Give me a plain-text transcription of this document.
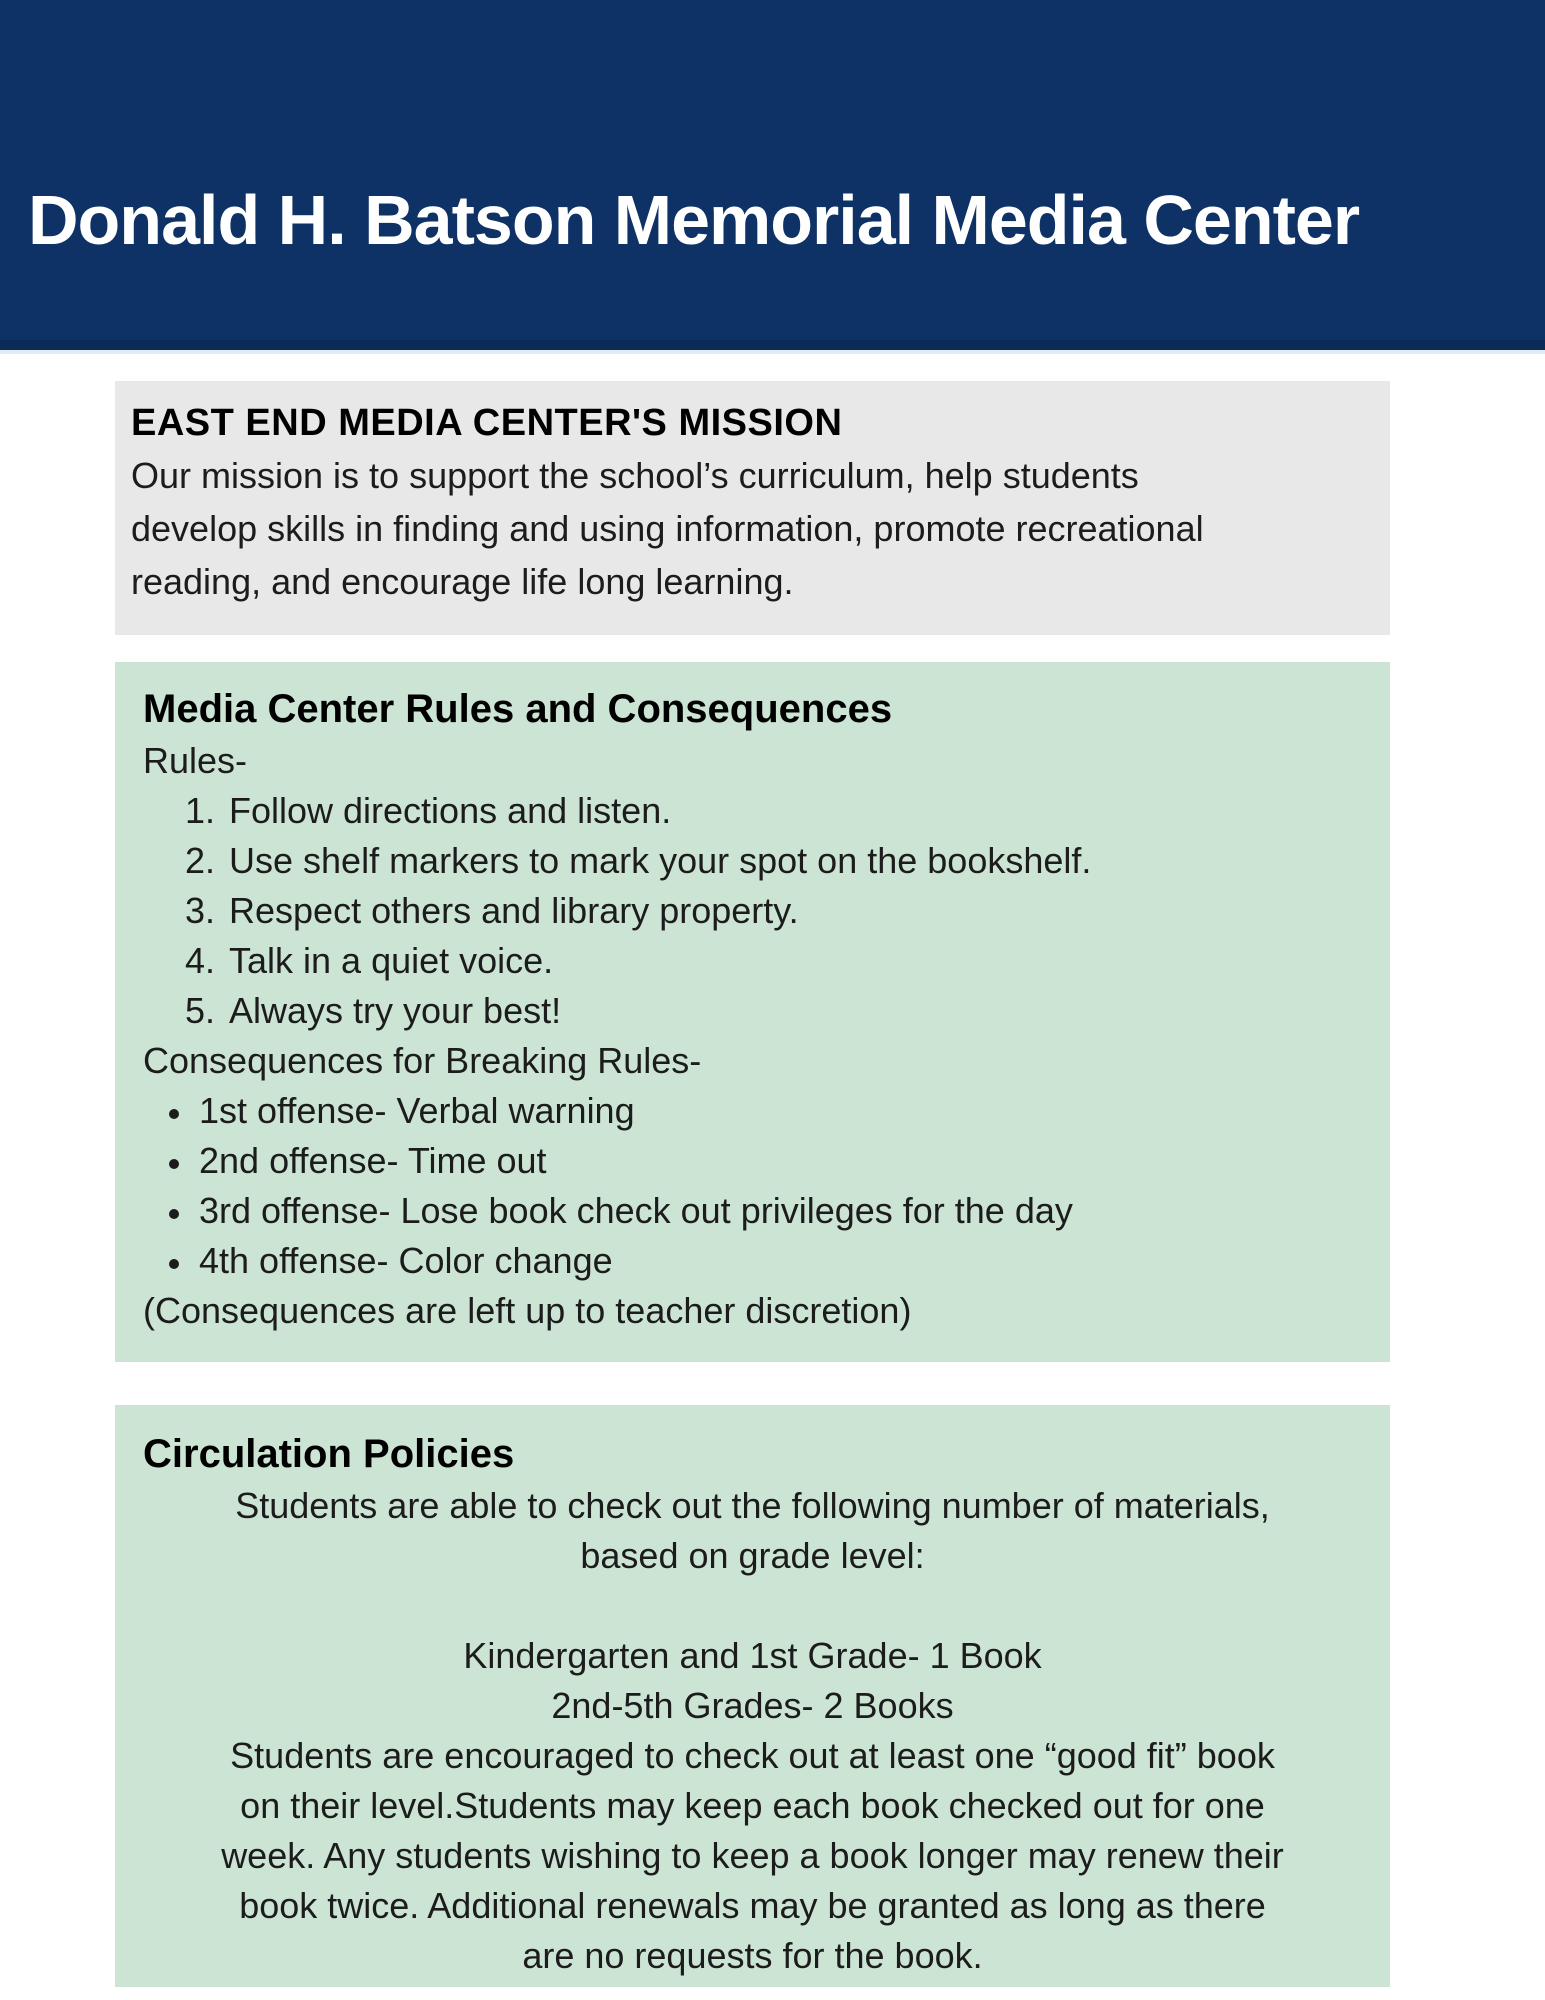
Donald H. Batson Memorial Media Center
EAST END MEDIA CENTER'S MISSION
Our mission is to support the school’s curriculum, help students
develop skills in finding and using information, promote recreational
reading, and encourage life long learning.
Media Center Rules and Consequences
Rules-
1. Follow directions and listen.
2. Use shelf markers to mark your spot on the bookshelf.
3. Respect others and library property.
4. Talk in a quiet voice.
5. Always try your best!
Consequences for Breaking Rules-
• 1st offense- Verbal warning
• 2nd offense- Time out
• 3rd offense- Lose book check out privileges for the day
• 4th offense- Color change
(Consequences are left up to teacher discretion)
Circulation Policies
Students are able to check out the following number of materials,
based on grade level:
Kindergarten and 1st Grade- 1 Book
2nd-5th Grades- 2 Books
Students are encouraged to check out at least one “good fit” book
on their level.Students may keep each book checked out for one
week. Any students wishing to keep a book longer may renew their
book twice. Additional renewals may be granted as long as there
are no requests for the book.
